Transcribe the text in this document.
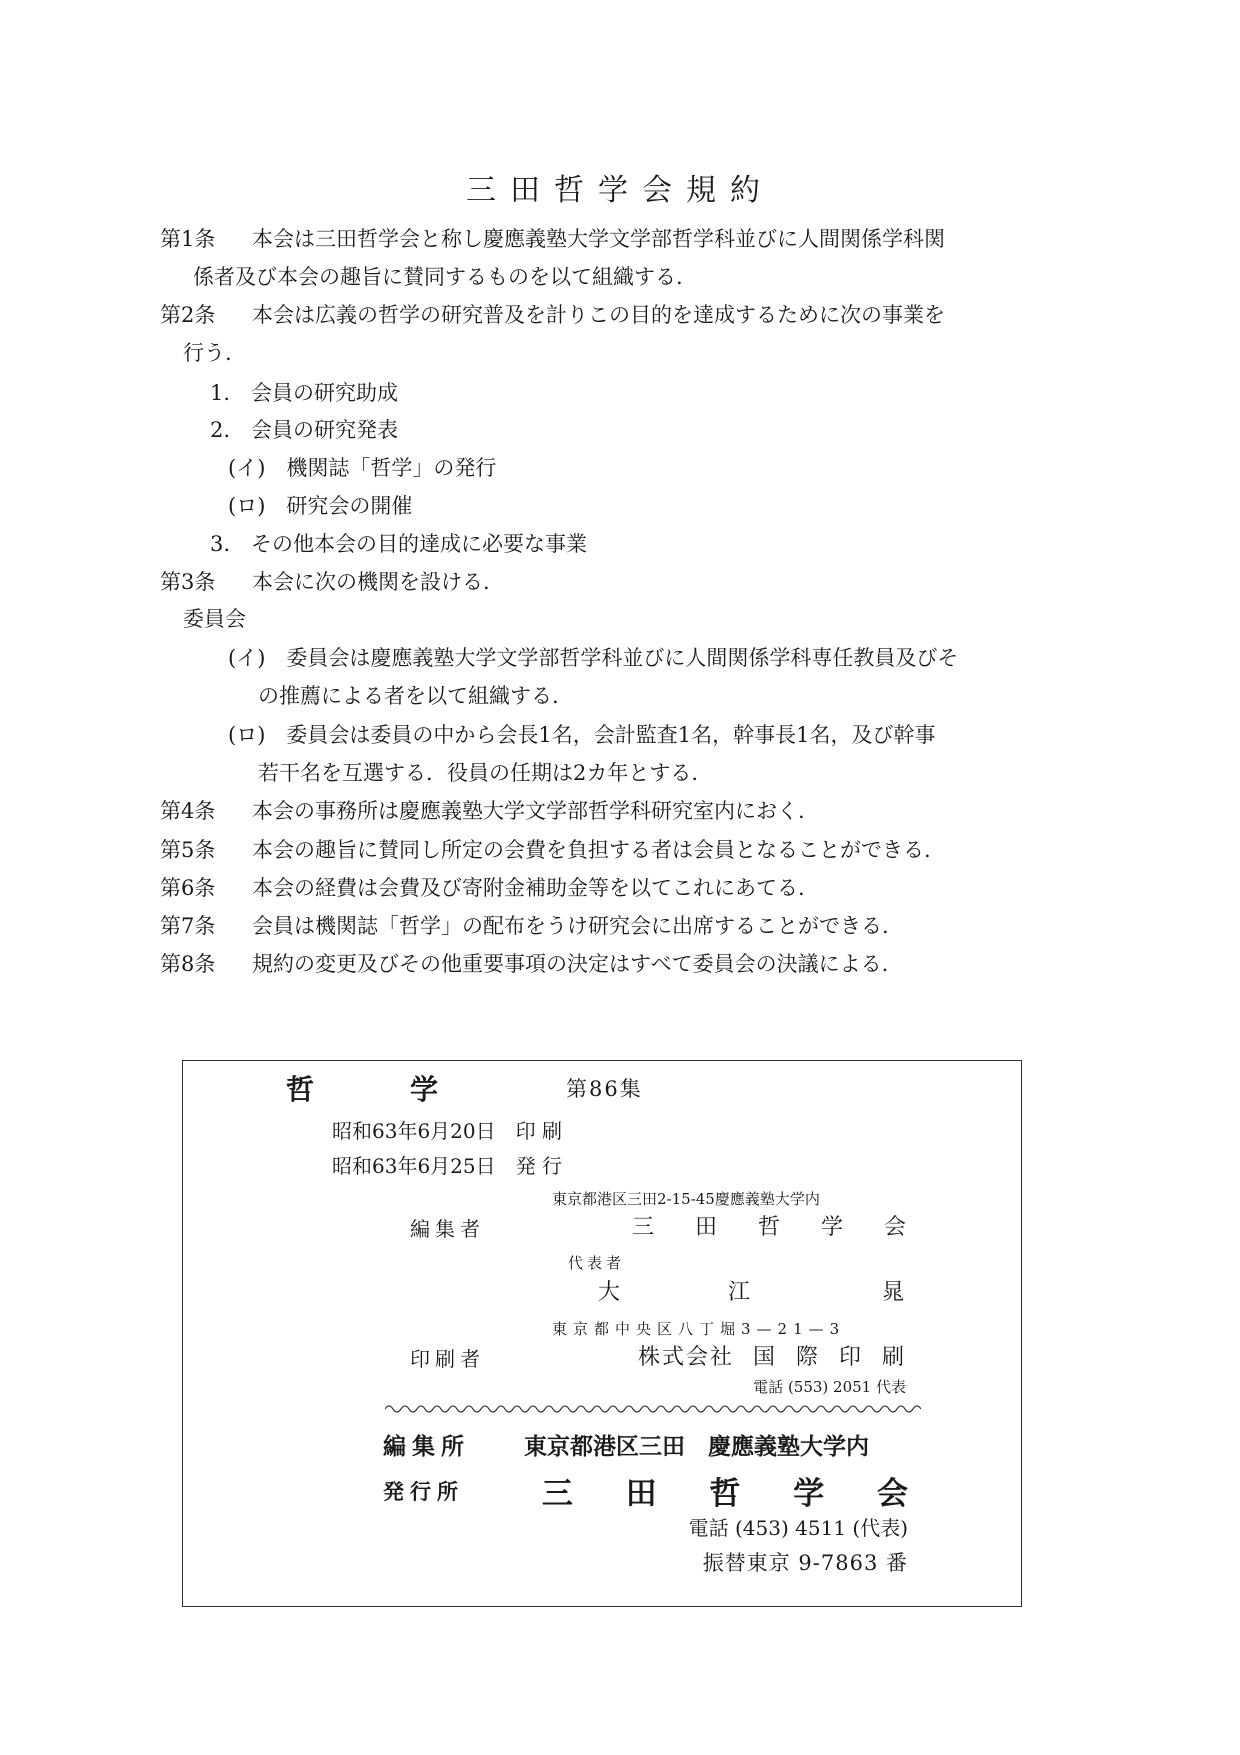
三田哲学会規約
第1条 本会は三田哲学会と称し慶應義塾大学文学部哲学科並びに人間関係学科関
係者及び本会の趣旨に賛同するものを以て組織する.
第2条 本会は広義の哲学の研究普及を計りこの目的を達成するために次の事業を
行う.
1.　会員の研究助成
2.　会員の研究発表
(イ)　機関誌「哲学」の発行
(ロ)　研究会の開催
3.　その他本会の目的達成に必要な事業
第3条 本会に次の機関を設ける.
委員会
(イ)　委員会は慶應義塾大学文学部哲学科並びに人間関係学科専任教員及びそ
の推薦による者を以て組織する.
(ロ)　委員会は委員の中から会長1名，会計監査1名，幹事長1名，及び幹事
若干名を互選する．役員の任期は2カ年とする.
第4条 本会の事務所は慶應義塾大学文学部哲学科研究室内におく.
第5条 本会の趣旨に賛同し所定の会費を負担する者は会員となることができる.
第6条 本会の経費は会費及び寄附金補助金等を以てこれにあてる.
第7条 会員は機関誌「哲学」の配布をうけ研究会に出席することができる.
第8条 規約の変更及びその他重要事項の決定はすべて委員会の決議による.
哲	学	第86集
昭和63年6月20日　印 刷
昭和63年6月25日　発 行
東京都港区三田2-15-45慶應義塾大学内
編集者	三 田 哲 学 会
代表者
大	江	晁
東京都中央区八丁堀3—21—3
印刷者	株式会社 国 際 印 刷
電話 (553) 2051 代表
編集所 東京都港区三田　慶應義塾大学内
発行所	三 田 哲 学 会
電話 (453) 4511 (代表)
振替東京 9-7863 番
